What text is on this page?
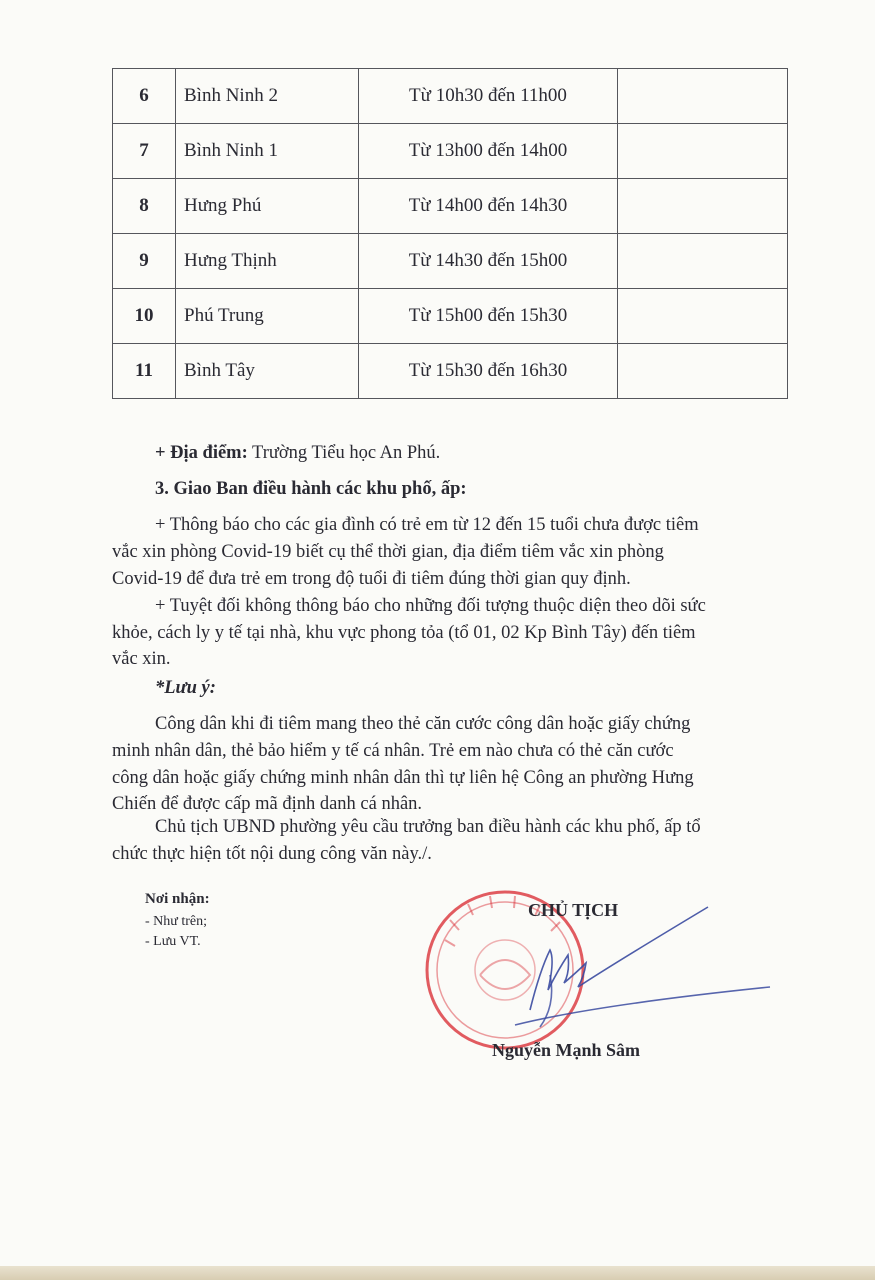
6	Bình Ninh 2	Từ 10h30 đến 11h00	
7	Bình Ninh 1	Từ 13h00 đến 14h00	
8	Hưng Phú	Từ 14h00 đến 14h30	
9	Hưng Thịnh	Từ 14h30 đến 15h00	
10	Phú Trung	Từ 15h00 đến 15h30	
11	Bình Tây	Từ 15h30 đến 16h30	
+ Địa điểm: Trường Tiểu học An Phú.
3. Giao Ban điều hành các khu phố, ấp:
+ Thông báo cho các gia đình có trẻ em từ 12 đến 15 tuổi chưa được tiêm
vắc xin phòng Covid-19 biết cụ thể thời gian, địa điểm tiêm vắc xin phòng
Covid-19 để đưa trẻ em trong độ tuổi đi tiêm đúng thời gian quy định.
+ Tuyệt đối không thông báo cho những đối tượng thuộc diện theo dõi sức
khỏe, cách ly y tế tại nhà, khu vực phong tỏa (tổ 01, 02 Kp Bình Tây) đến tiêm
vắc xin.
*Lưu ý:
Công dân khi đi tiêm mang theo thẻ căn cước công dân hoặc giấy chứng
minh nhân dân, thẻ bảo hiểm y tế cá nhân. Trẻ em nào chưa có thẻ căn cước
công dân hoặc giấy chứng minh nhân dân thì tự liên hệ Công an phường Hưng
Chiến để được cấp mã định danh cá nhân.
Chủ tịch UBND phường yêu cầu trưởng ban điều hành các khu phố, ấp tổ
chức thực hiện tốt nội dung công văn này./.
Nơi nhận:
- Như trên;
- Lưu VT.
CHỦ TỊCH
Nguyễn Mạnh Sâm
